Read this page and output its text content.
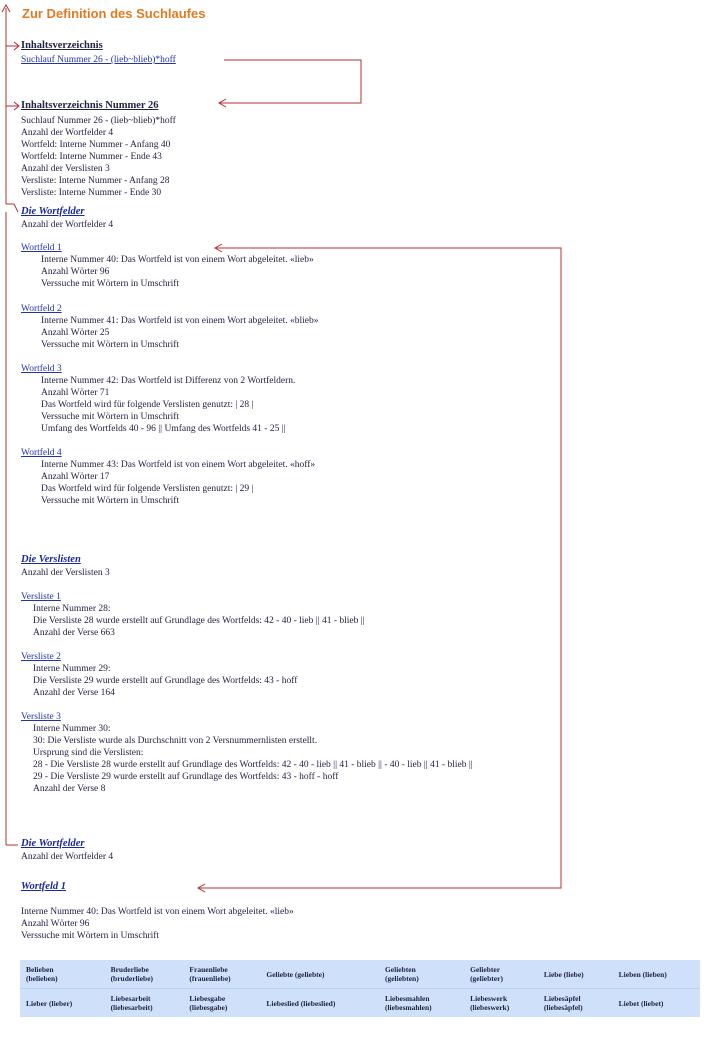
Zur Definition des Suchlaufes
Inhaltsverzeichnis
Suchlauf Nummer 26 - (lieb~blieb)*hoff
Inhaltsverzeichnis Nummer 26
Suchlauf Nummer 26 - (lieb~blieb)*hoff
Anzahl der Wortfelder 4
Wortfeld: Interne Nummer - Anfang 40
Wortfeld: Interne Nummer - Ende 43
Anzahl der Verslisten 3
Versliste: Interne Nummer - Anfang 28
Versliste: Interne Nummer - Ende 30
Die Wortfelder
Anzahl der Wortfelder 4
Wortfeld 1
Interne Nummer 40: Das Wortfeld ist von einem Wort abgeleitet. «lieb»
Anzahl Wörter 96
Verssuche mit Wörtern in Umschrift
Wortfeld 2
Interne Nummer 41: Das Wortfeld ist von einem Wort abgeleitet. «blieb»
Anzahl Wörter 25
Verssuche mit Wörtern in Umschrift
Wortfeld 3
Interne Nummer 42: Das Wortfeld ist Differenz von 2 Wortfeldern.
Anzahl Wörter 71
Das Wortfeld wird für folgende Verslisten genutzt: | 28 |
Verssuche mit Wörtern in Umschrift
Umfang des Wortfelds 40 - 96 || Umfang des Wortfelds 41 - 25 ||
Wortfeld 4
Interne Nummer 43: Das Wortfeld ist von einem Wort abgeleitet. «hoff»
Anzahl Wörter 17
Das Wortfeld wird für folgende Verslisten genutzt: | 29 |
Verssuche mit Wörtern in Umschrift
Die Verslisten
Anzahl der Verslisten 3
Versliste 1
Interne Nummer 28:
Die Versliste 28 wurde erstellt auf Grundlage des Wortfelds: 42 - 40 - lieb || 41 - blieb ||
Anzahl der Verse 663
Versliste 2
Interne Nummer 29:
Die Versliste 29 wurde erstellt auf Grundlage des Wortfelds: 43 - hoff
Anzahl der Verse 164
Versliste 3
Interne Nummer 30:
30: Die Versliste wurde als Durchschnitt von 2 Versnummernlisten erstellt.
Ursprung sind die Verslisten:
28 - Die Versliste 28 wurde erstellt auf Grundlage des Wortfelds: 42 - 40 - lieb || 41 - blieb || - 40 - lieb || 41 - blieb ||
29 - Die Versliste 29 wurde erstellt auf Grundlage des Wortfelds: 43 - hoff - hoff
Anzahl der Verse 8
Die Wortfelder
Anzahl der Wortfelder 4
Wortfeld 1
Interne Nummer 40: Das Wortfeld ist von einem Wort abgeleitet. «lieb»
Anzahl Wörter 96
Verssuche mit Wörtern in Umschrift
Belieben
(belieben)	Bruderliebe
(bruderliebe)	Frauenliebe
(frauenliebe)	Geliebte (geliebte)	Geliebten
(geliebten)	Geliebter
(geliebter)	Liebe (liebe)	Lieben (lieben)
Lieber (lieber)	Liebesarbeit
(liebesarbeit)	Liebesgabe
(liebesgabe)	Liebeslied (liebeslied)	Liebesmahlen
(liebesmahlen)	Liebeswerk
(liebeswerk)	Liebesäpfel
(liebesäpfel)	Liebet (liebet)
